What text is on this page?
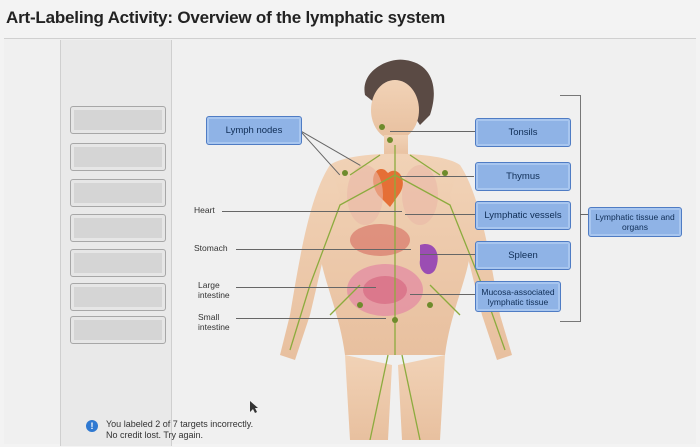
Art-Labeling Activity: Overview of the lymphatic system
Lymph nodes	Tonsils
Thymus
Lymphatic vessels
Spleen
Mucosa-associated lymphatic tissue
Lymphatic tissue and organs
Heart
Stomach
Large
intestine
Small
intestine
!	You labeled 2 of 7 targets incorrectly.
No credit lost. Try again.
